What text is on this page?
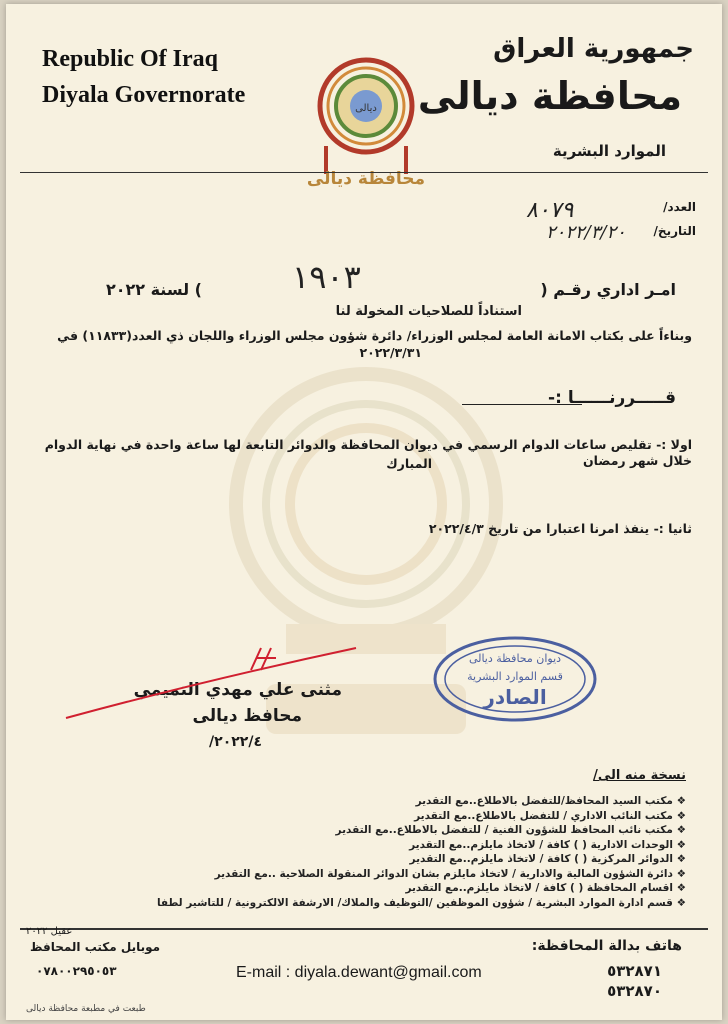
Republic Of Iraq
Diyala Governorate
ديالى
محافظة ديالى
جمهورية العراق
محافظة ديالى
الموارد البشرية
العدد/
٨٠٧٩
التاريخ/
٢٠٢٢/٣/٢٠
امـر اداري رقـم (
١٩٠٣
) لسنة ٢٠٢٢
استناداً للصلاحيات المخولة لنا
وبناءاً على بكتاب الامانة العامة لمجلس الوزراء/ دائرة شؤون مجلس الوزراء واللجان ذي العدد(١١٨٣٣) في
٢٠٢٢/٣/٣١
قـــــررنــــــا :-
اولا :- تقليص ساعات الدوام الرسمي في ديوان المحافظة والدوائر التابعة لها ساعة واحدة في نهاية الدوام خلال شهر رمضان
المبارك
ثانيا :- ينفذ امرنا اعتبارا من تاريخ ٢٠٢٢/٤/٣
مثنى علي مهدي التميمي
محافظ ديالى
٢٠٢٢/٤/
ديوان محافظة ديالى
قسم الموارد البشرية
الصادر
نسخة منه الى/
❖ مكتب السيد المحافظ/للتفضل بالاطلاع..مع التقدير
❖ مكتب النائب الاداري / للتفضل بالاطلاع..مع التقدير
❖ مكتب نائب المحافظ للشؤون الفنية / للتفضل بالاطلاع..مع التقدير
❖ الوحدات الادارية ( ) كافة / لاتخاذ مايلزم..مع التقدير
❖ الدوائر المركزية ( ) كافة / لاتخاذ مايلزم..مع التقدير
❖ دائرة الشؤون المالية والادارية / لاتخاذ مايلزم بشان الدوائر المنقولة الصلاحية ..مع التقدير
❖ اقسام المحافظة ( ) كافة / لاتخاذ مايلزم..مع التقدير
❖ قسم ادارة الموارد البشرية / شؤون الموظفين /التوظيف والملاك/ الارشفة الالكترونية / للتاشير لطفا
عقيل ٢٠٢٢
موبايل مكتب المحافظ
٠٧٨٠٠٢٩٥٠٥٣	E-mail : diyala.dewant@gmail.com
هاتف بدالة المحافظة:
٥٣٢٨٧١
٥٣٢٨٧٠
طبعت في مطبعة محافظة ديالى
